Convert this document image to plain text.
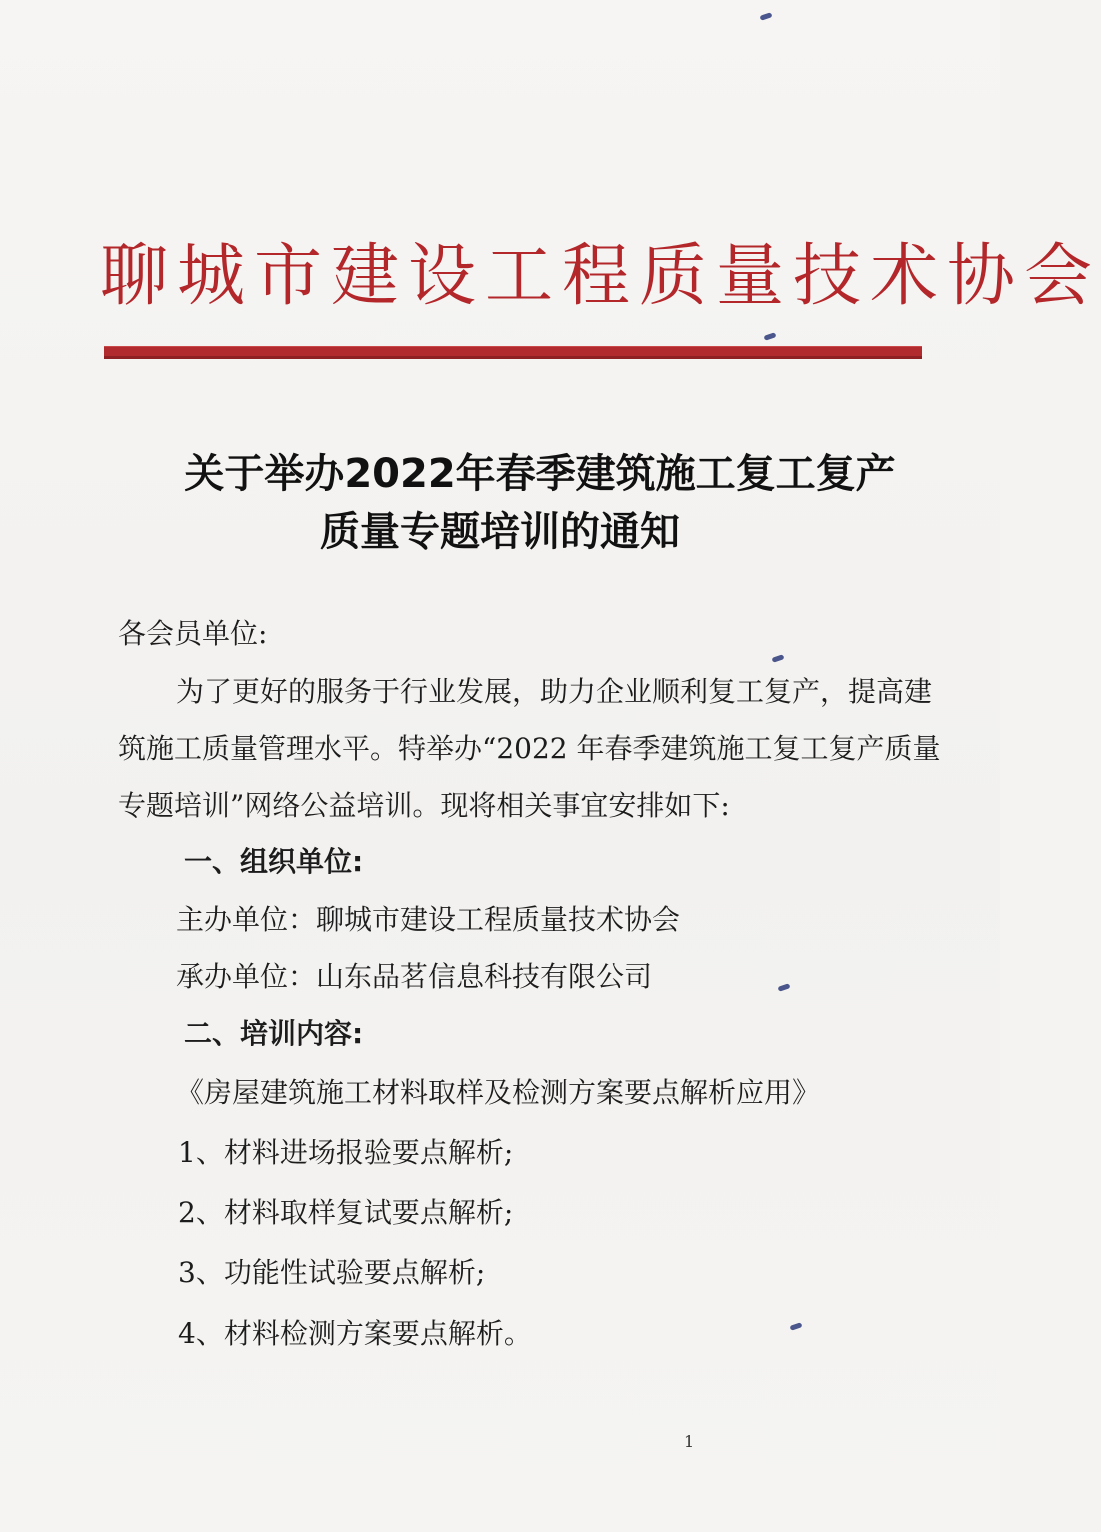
聊城市建设工程质量技术协会
关于举办2022年春季建筑施工复工复产
质量专题培训的通知
各会员单位:
为了更好的服务于行业发展，助力企业顺利复工复产，提高建
筑施工质量管理水平。特举办“2022 年春季建筑施工复工复产质量
专题培训”网络公益培训。现将相关事宜安排如下:
一、组织单位:
主办单位：聊城市建设工程质量技术协会
承办单位：山东品茗信息科技有限公司
二、培训内容:
《房屋建筑施工材料取样及检测方案要点解析应用》
1、材料进场报验要点解析;
2、材料取样复试要点解析;
3、功能性试验要点解析;
4、材料检测方案要点解析。
1
